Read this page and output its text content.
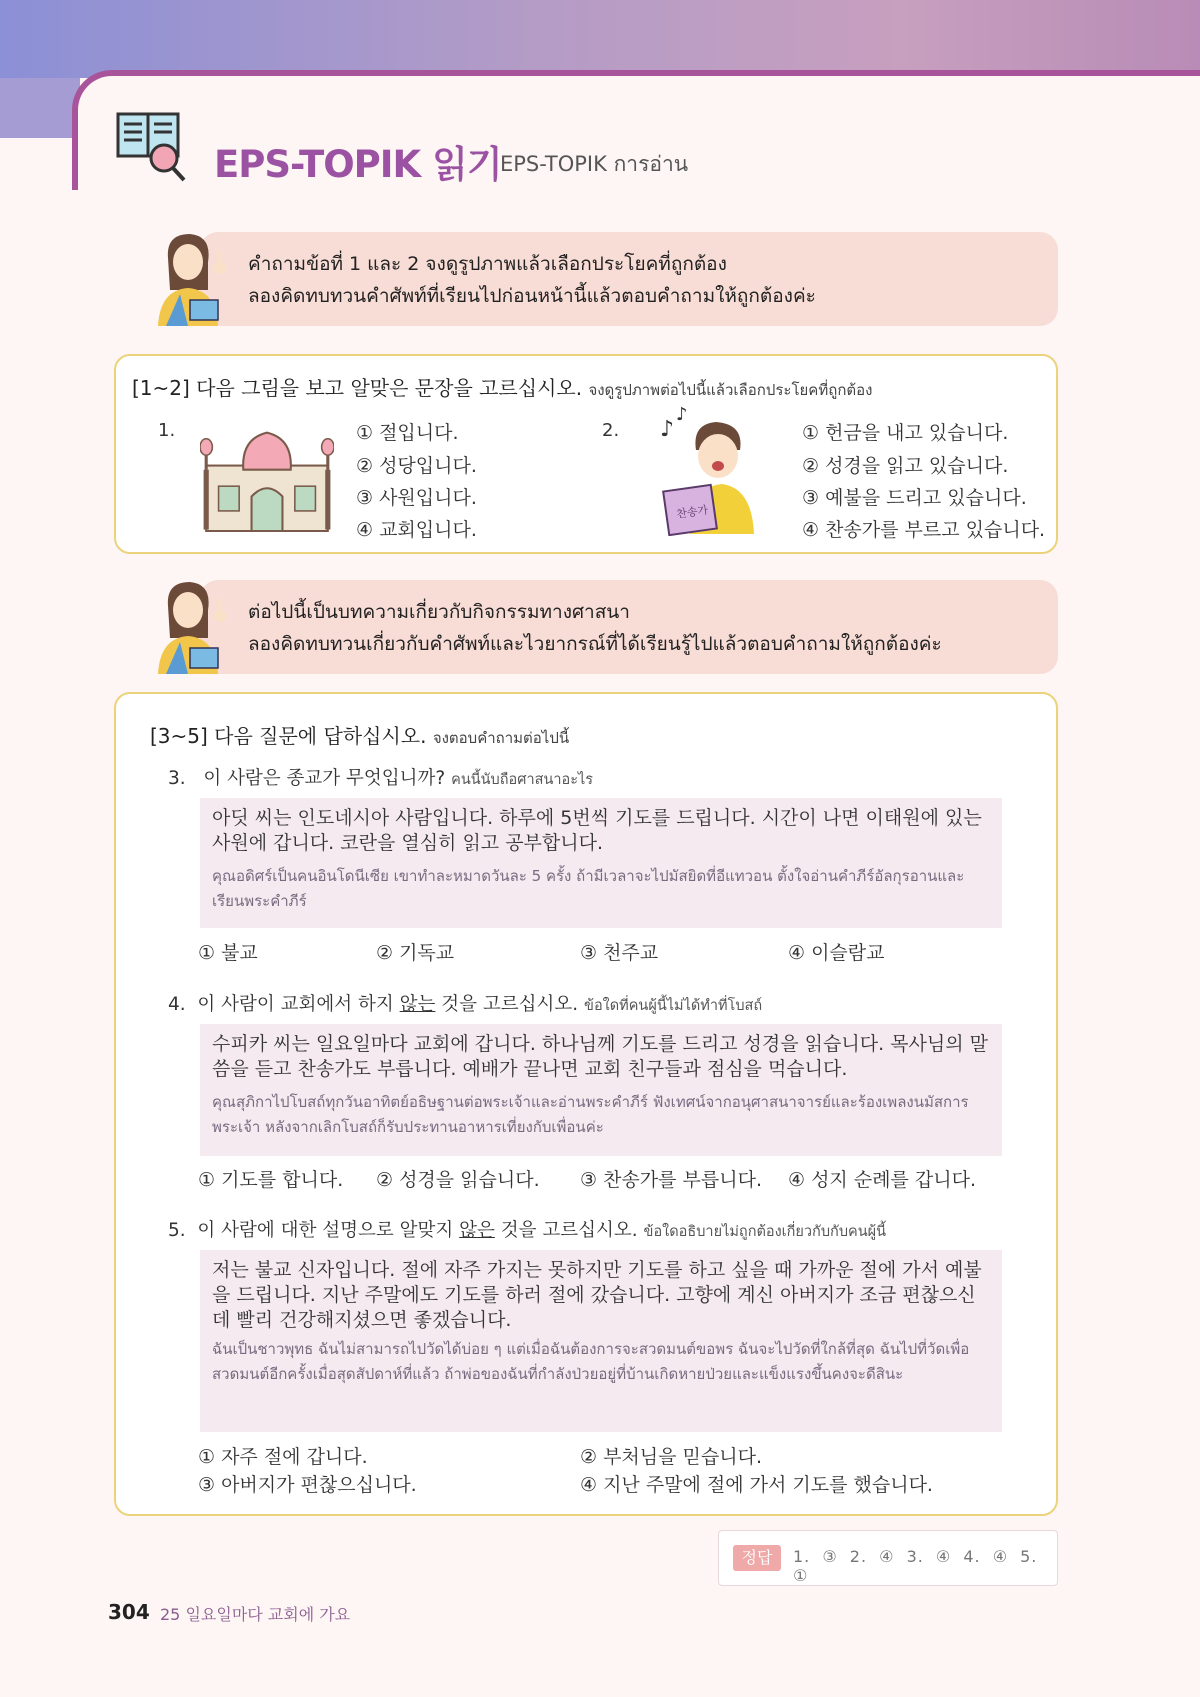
EPS-TOPIK 읽기
EPS-TOPIK การอ่าน
คำถามข้อที่ 1 และ 2 จงดูรูปภาพแล้วเลือกประโยคที่ถูกต้อง
ลองคิดทบทวนคำศัพท์ที่เรียนไปก่อนหน้านี้แล้วตอบคำถามให้ถูกต้องค่ะ
[1~2] 다음 그림을 보고 알맞은 문장을 고르십시오. จงดูรูปภาพต่อไปนี้แล้วเลือกประโยคที่ถูกต้อง
1.	① 절입니다.
② 성당입니다.
③ 사원입니다.
④ 교회입니다.
2. ♪
♪
찬송가
① 헌금을 내고 있습니다.
② 성경을 읽고 있습니다.
③ 예불을 드리고 있습니다.
④ 찬송가를 부르고 있습니다.
ต่อไปนี้เป็นบทความเกี่ยวกับกิจกรรมทางศาสนา
ลองคิดทบทวนเกี่ยวกับคำศัพท์และไวยากรณ์ที่ได้เรียนรู้ไปแล้วตอบคำถามให้ถูกต้องค่ะ
[3~5] 다음 질문에 답하십시오. จงตอบคำถามต่อไปนี้
3. 이 사람은 종교가 무엇입니까? คนนี้นับถือศาสนาอะไร
아딧 씨는 인도네시아 사람입니다. 하루에 5번씩 기도를 드립니다. 시간이 나면 이태원에 있는 사원에 갑니다. 코란을 열심히 읽고 공부합니다.
คุณอดิศร์เป็นคนอินโดนีเซีย เขาทำละหมาดวันละ 5 ครั้ง ถ้ามีเวลาจะไปมัสยิดที่อีแทวอน ตั้งใจอ่านคำภีร์อัลกุรอานและเรียนพระคำภีร์
① 불교	② 기독교	③ 천주교	④ 이슬람교
4. 이 사람이 교회에서 하지 않는 것을 고르십시오. ข้อใดที่คนผู้นี้ไม่ได้ทำที่โบสถ์
수피카 씨는 일요일마다 교회에 갑니다. 하나님께 기도를 드리고 성경을 읽습니다. 목사님의 말씀을 듣고 찬송가도 부릅니다. 예배가 끝나면 교회 친구들과 점심을 먹습니다.
คุณสุภิกาไปโบสถ์ทุกวันอาทิตย์อธิษฐานต่อพระเจ้าและอ่านพระคำภีร์ ฟังเทศน์จากอนุศาสนาจารย์และร้องเพลงนมัสการพระเจ้า หลังจากเลิกโบสถ์ก็รับประทานอาหารเที่ยงกับเพื่อนค่ะ
① 기도를 합니다. ② 성경을 읽습니다. ③ 찬송가를 부릅니다. ④ 성지 순례를 갑니다.
5. 이 사람에 대한 설명으로 알맞지 않은 것을 고르십시오. ข้อใดอธิบายไม่ถูกต้องเกี่ยวกับกับคนผู้นี้
저는 불교 신자입니다. 절에 자주 가지는 못하지만 기도를 하고 싶을 때 가까운 절에 가서 예불을 드립니다. 지난 주말에도 기도를 하러 절에 갔습니다. 고향에 계신 아버지가 조금 편찮으신데 빨리 건강해지셨으면 좋겠습니다.
ฉันเป็นชาวพุทธ ฉันไม่สามารถไปวัดได้บ่อย ๆ แต่เมื่อฉันต้องการจะสวดมนต์ขอพร ฉันจะไปวัดที่ใกล้ที่สุด ฉันไปที่วัดเพื่อสวดมนต์อีกครั้งเมื่อสุดสัปดาห์ที่แล้ว ถ้าพ่อของฉันที่กำลังป่วยอยู่ที่บ้านเกิดหายป่วยและแข็งแรงขึ้นคงจะดีสินะ
① 자주 절에 갑니다.	② 부처님을 믿습니다.
③ 아버지가 편찮으십니다.	④ 지난 주말에 절에 가서 기도를 했습니다.
정답	1. ③ 2. ④ 3. ④ 4. ④ 5. ①
304 25 일요일마다 교회에 가요
